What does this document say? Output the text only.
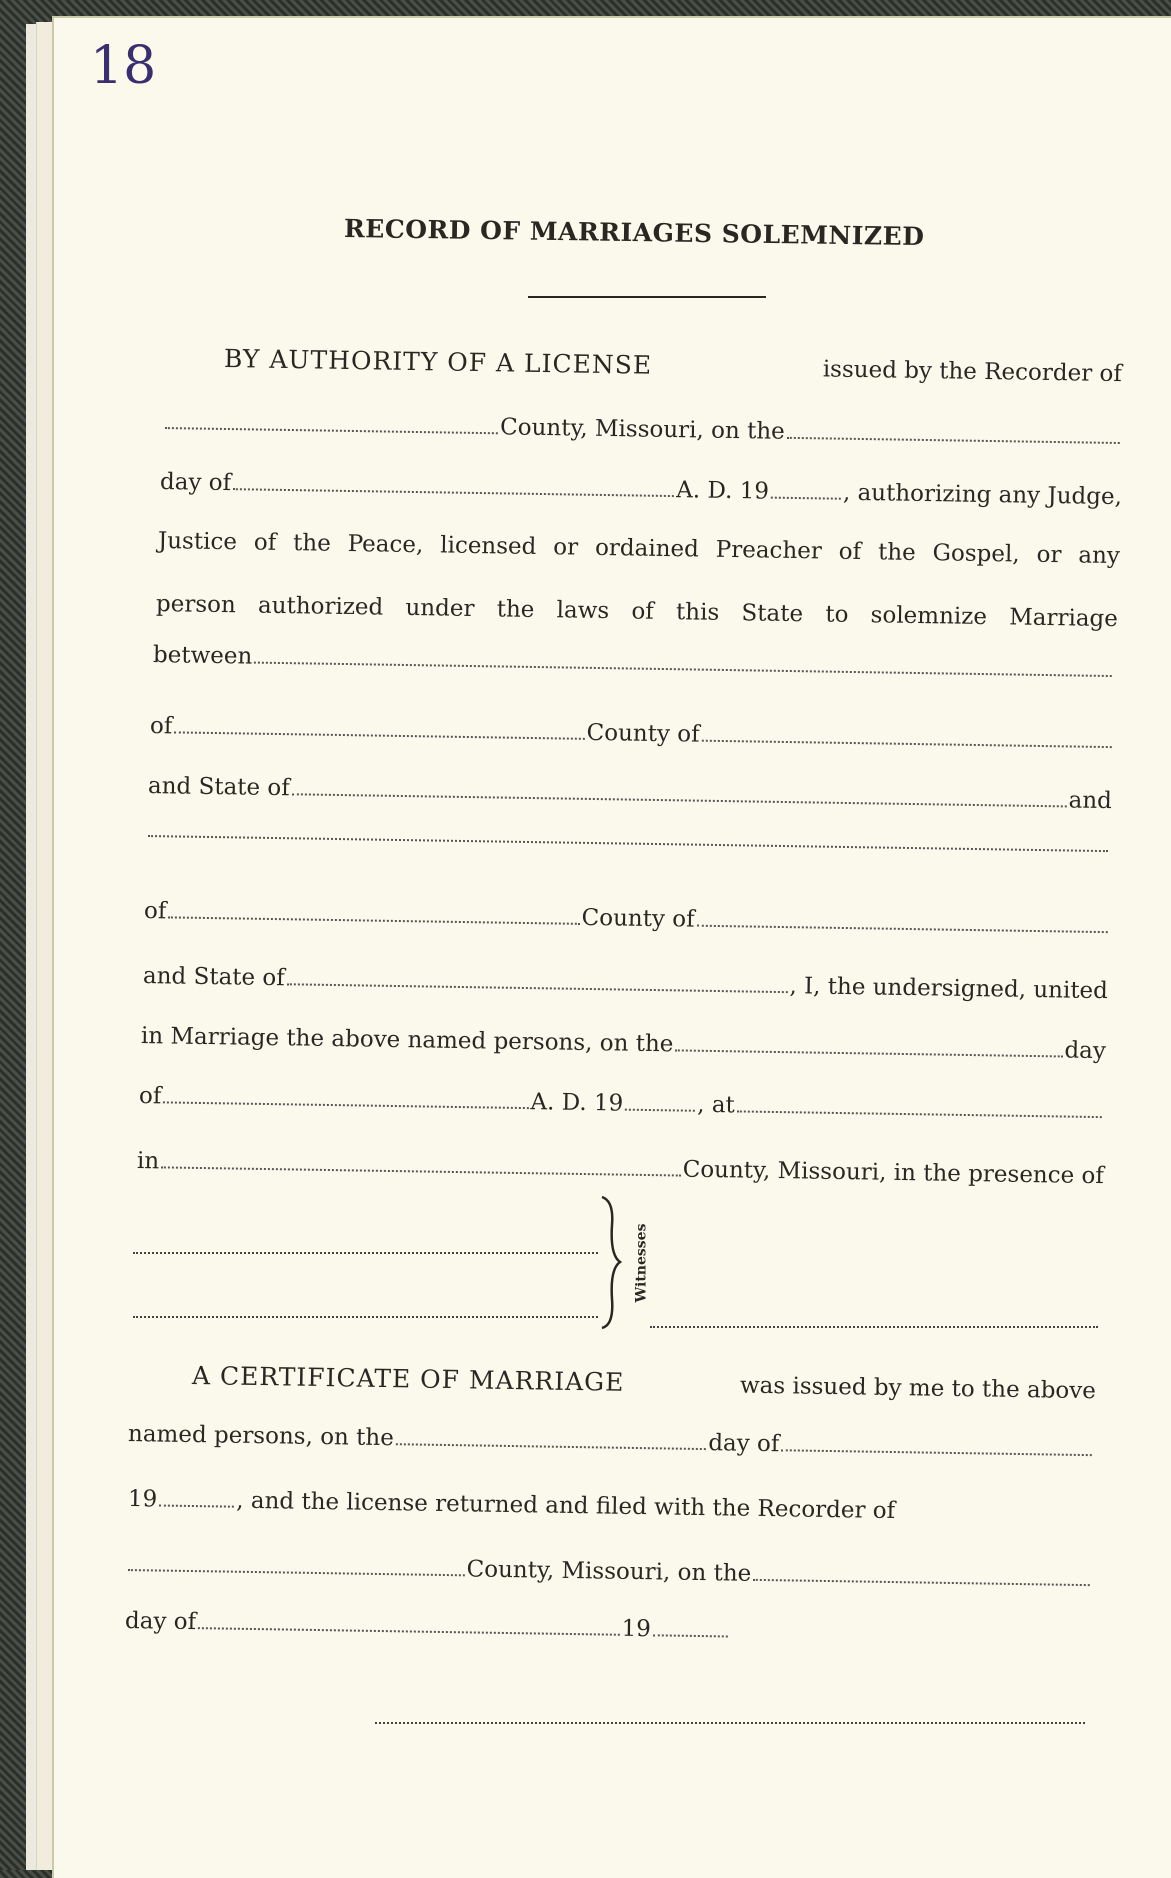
18
RECORD OF MARRIAGES SOLEMNIZED
BY AUTHORITY OF A LICENSE	issued by the Recorder of
County, Missouri, on the
day of	A. D. 19	, authorizing any Judge,
Justice of the Peace, licensed or ordained Preacher of the Gospel, or any
person authorized under the laws of this State to solemnize Marriage
between
of	County of
and State of	and
of	County of
and State of	, I, the undersigned, united
in Marriage the above named persons, on the	day
of	A. D. 19	, at
in	County, Missouri, in the presence of
A CERTIFICATE OF MARRIAGE	was issued by me to the above
named persons, on the	day of
19	, and the license returned and filed with the Recorder of
County, Missouri, on the
day of	19
Witnesses
